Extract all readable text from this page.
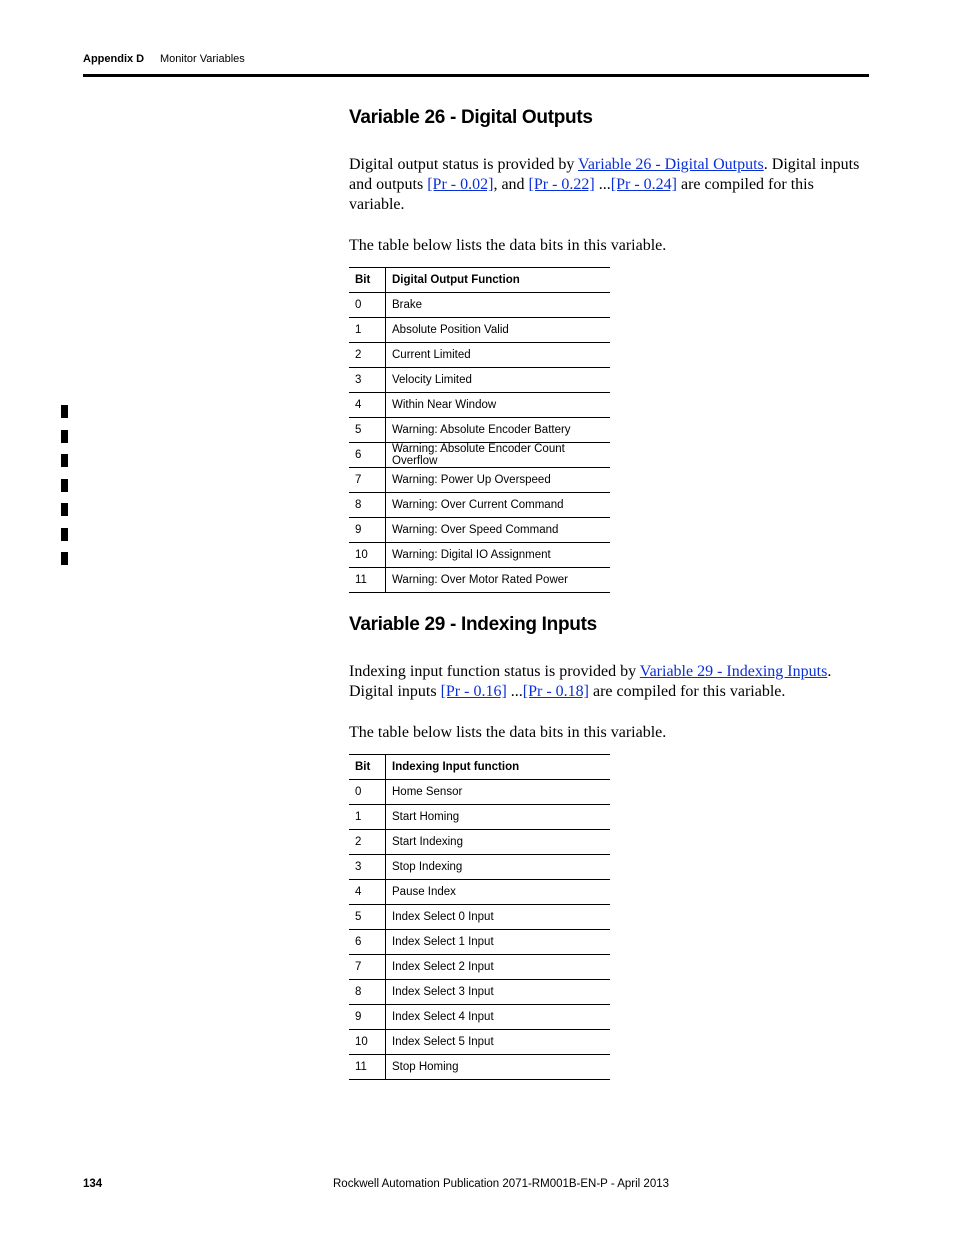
Appendix D Monitor Variables
Variable 26 - Digital Outputs

Digital output status is provided by Variable 26 - Digital Outputs. Digital inputs and outputs [Pr - 0.02], and [Pr - 0.22] ...[Pr - 0.24] are compiled for this variable.

The table below lists the data bits in this variable.

Bit	Digital Output Function
0	Brake
1	Absolute Position Valid
2	Current Limited
3	Velocity Limited
4	Within Near Window
5	Warning: Absolute Encoder Battery
6	Warning: Absolute Encoder Count Overflow
7	Warning: Power Up Overspeed
8	Warning: Over Current Command
9	Warning: Over Speed Command
10	Warning: Digital IO Assignment
11	Warning: Over Motor Rated Power
Variable 29 - Indexing Inputs

Indexing input function status is provided by Variable 29 - Indexing Inputs. Digital inputs [Pr - 0.16] ...[Pr - 0.18] are compiled for this variable.

The table below lists the data bits in this variable.

Bit	Indexing Input function
0	Home Sensor
1	Start Homing
2	Start Indexing
3	Stop Indexing
4	Pause Index
5	Index Select 0 Input
6	Index Select 1 Input
7	Index Select 2 Input
8	Index Select 3 Input
9	Index Select 4 Input
10	Index Select 5 Input
11	Stop Homing
134	Rockwell Automation Publication 2071-RM001B-EN-P - April 2013
